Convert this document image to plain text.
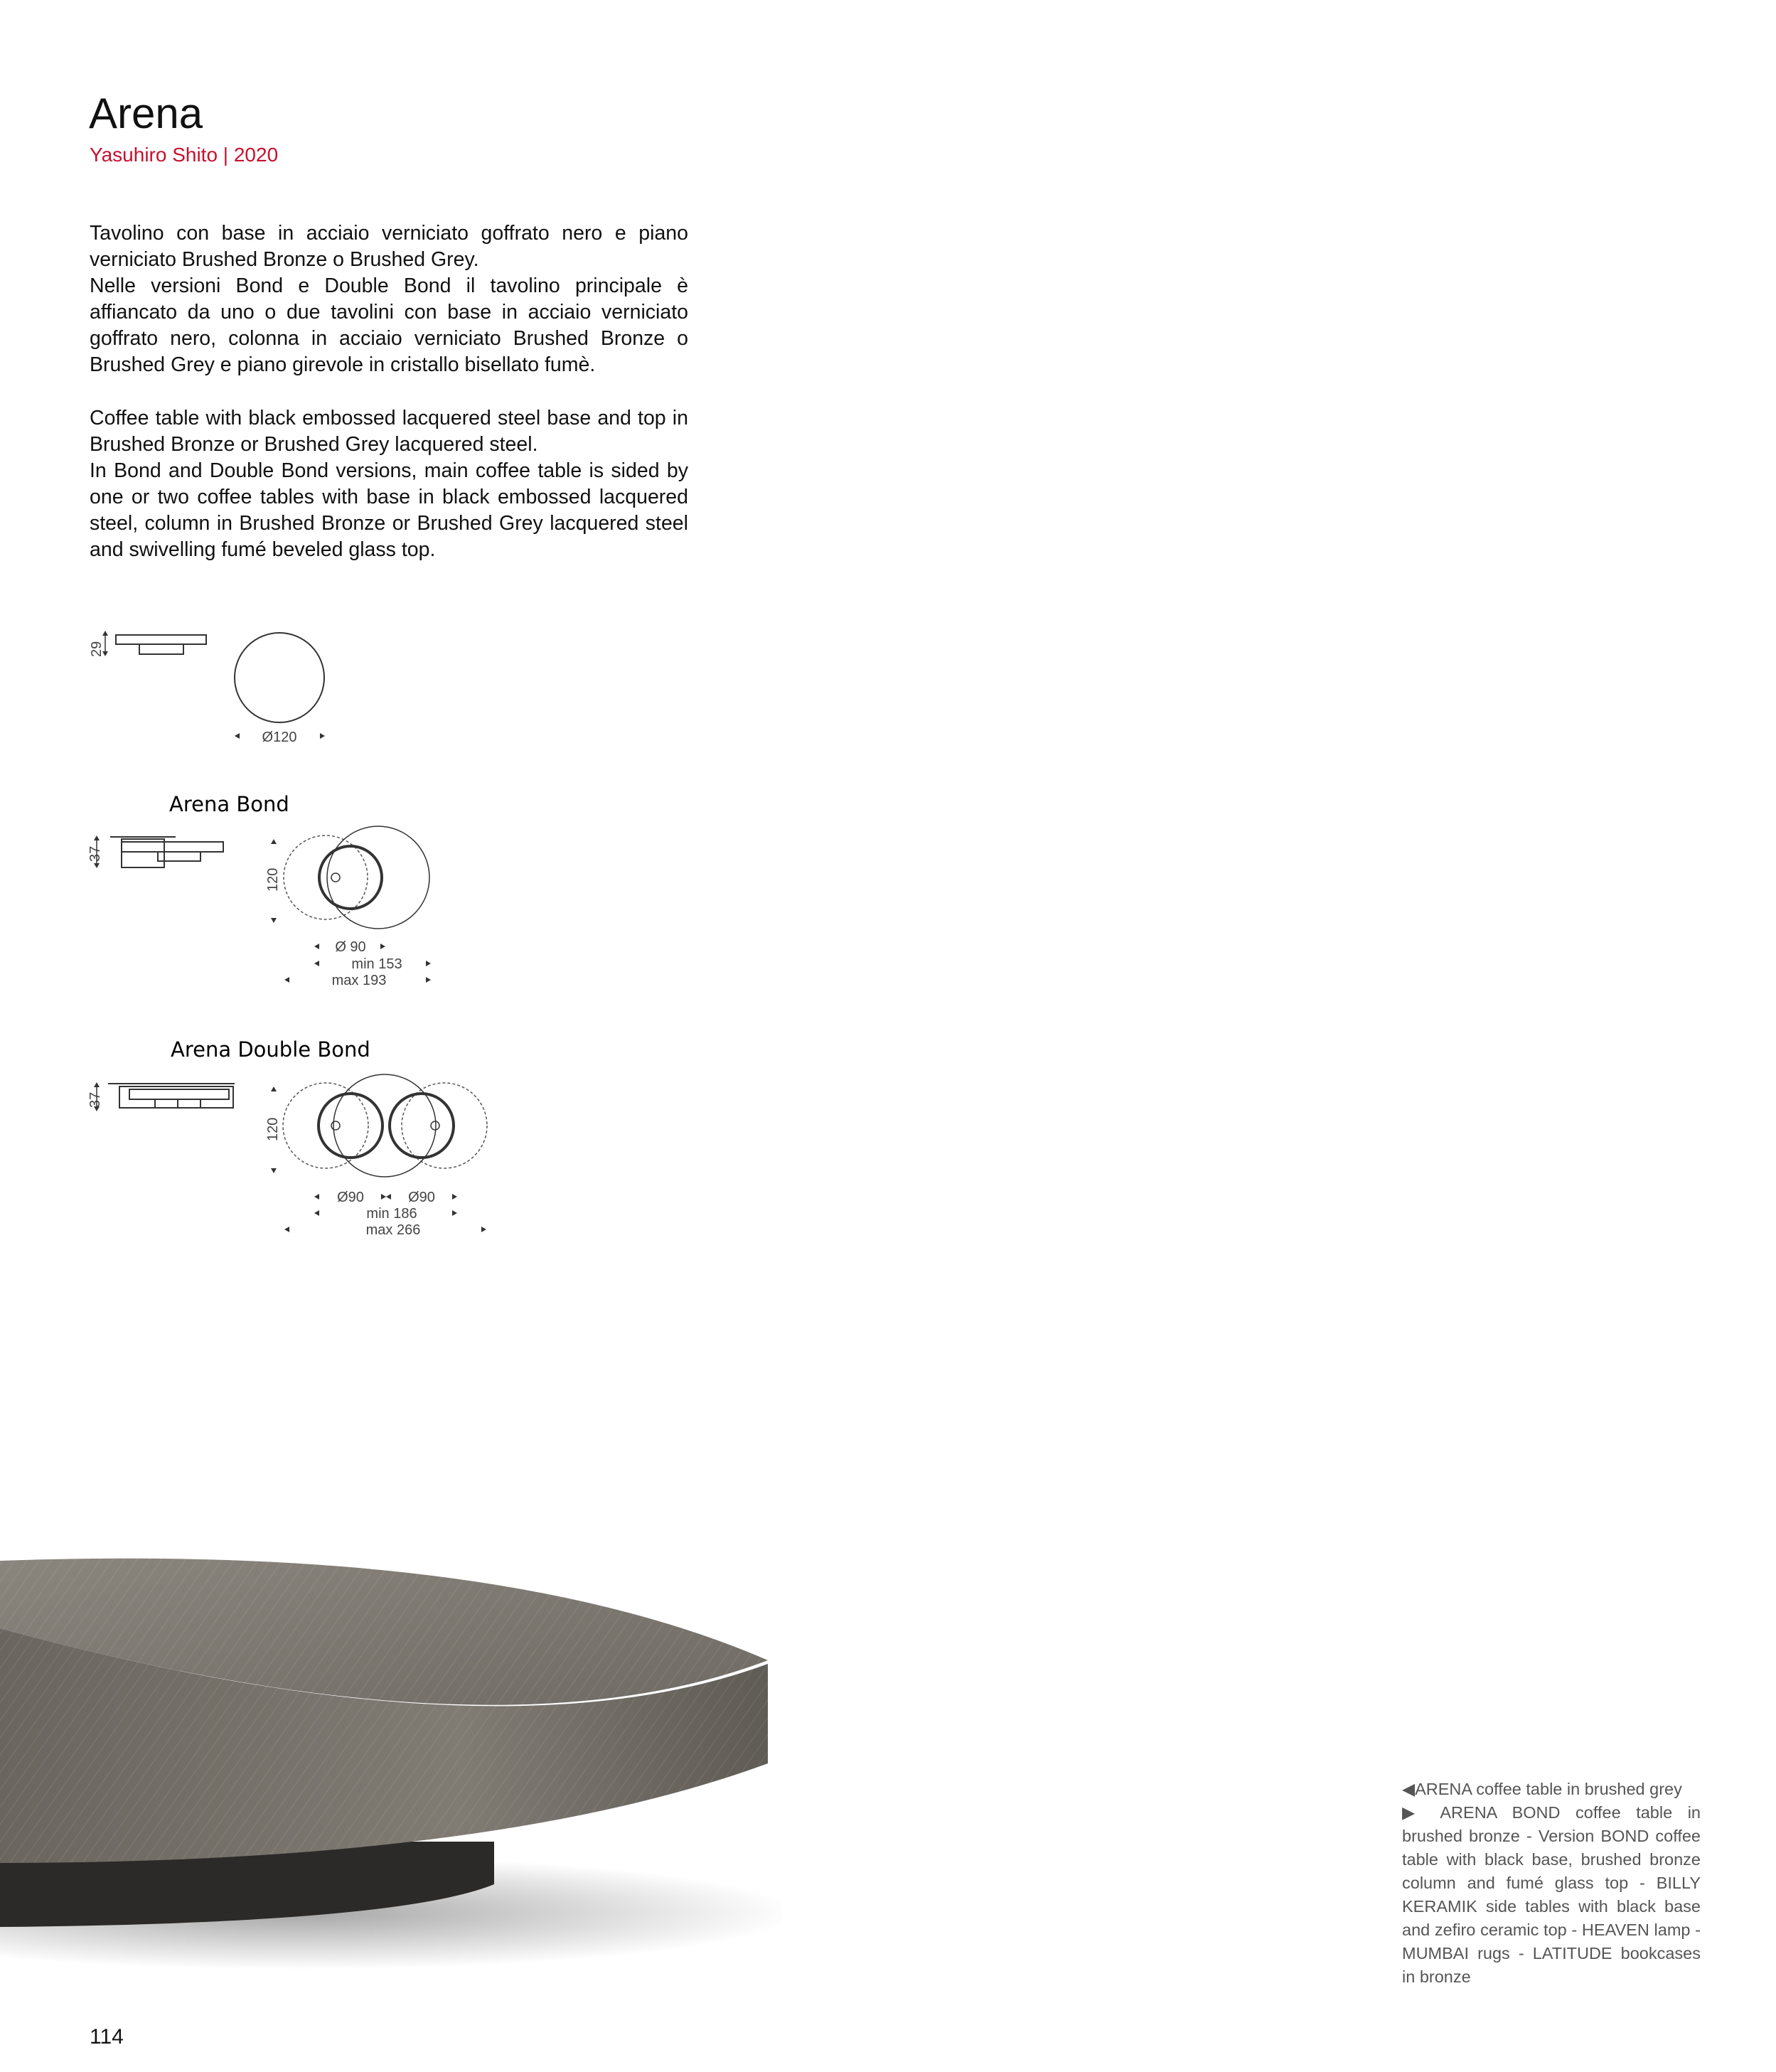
Arena
Yasuhiro Shito | 2020
Tavolino con base in acciaio verniciato goffrato nero e piano verniciato Brushed Bronze o Brushed Grey.
Nelle versioni Bond e Double Bond il tavolino principale è affiancato da uno o due tavolini con base in acciaio verniciato goffrato nero, colonna in acciaio verniciato Brushed Bronze o Brushed Grey e piano girevole in cristallo bisellato fumè.
Coffee table with black embossed lacquered steel base and top in Brushed Bronze or Brushed Grey lacquered steel.
In Bond and Double Bond versions, main coffee table is sided by one or two coffee tables with base in black embossed lacquered steel, column in Brushed Bronze or Brushed Grey lacquered steel and swivelling fumé beveled glass top.
29
Ø120
Arena Bond
37
120
Ø 90
min 153
max 193
Arena Double Bond
37
120
Ø90	Ø90
min 186
max 266

◀ARENA coffee table in brushed grey

▶ ARENA BOND coffee table in brushed bronze - Version BOND coffee table with black base, brushed bronze column and fumé glass top - BILLY KERAMIK side tables with black base and zefiro ceramic top - HEAVEN lamp - MUMBAI rugs - LATITUDE bookcases in bronze

114
